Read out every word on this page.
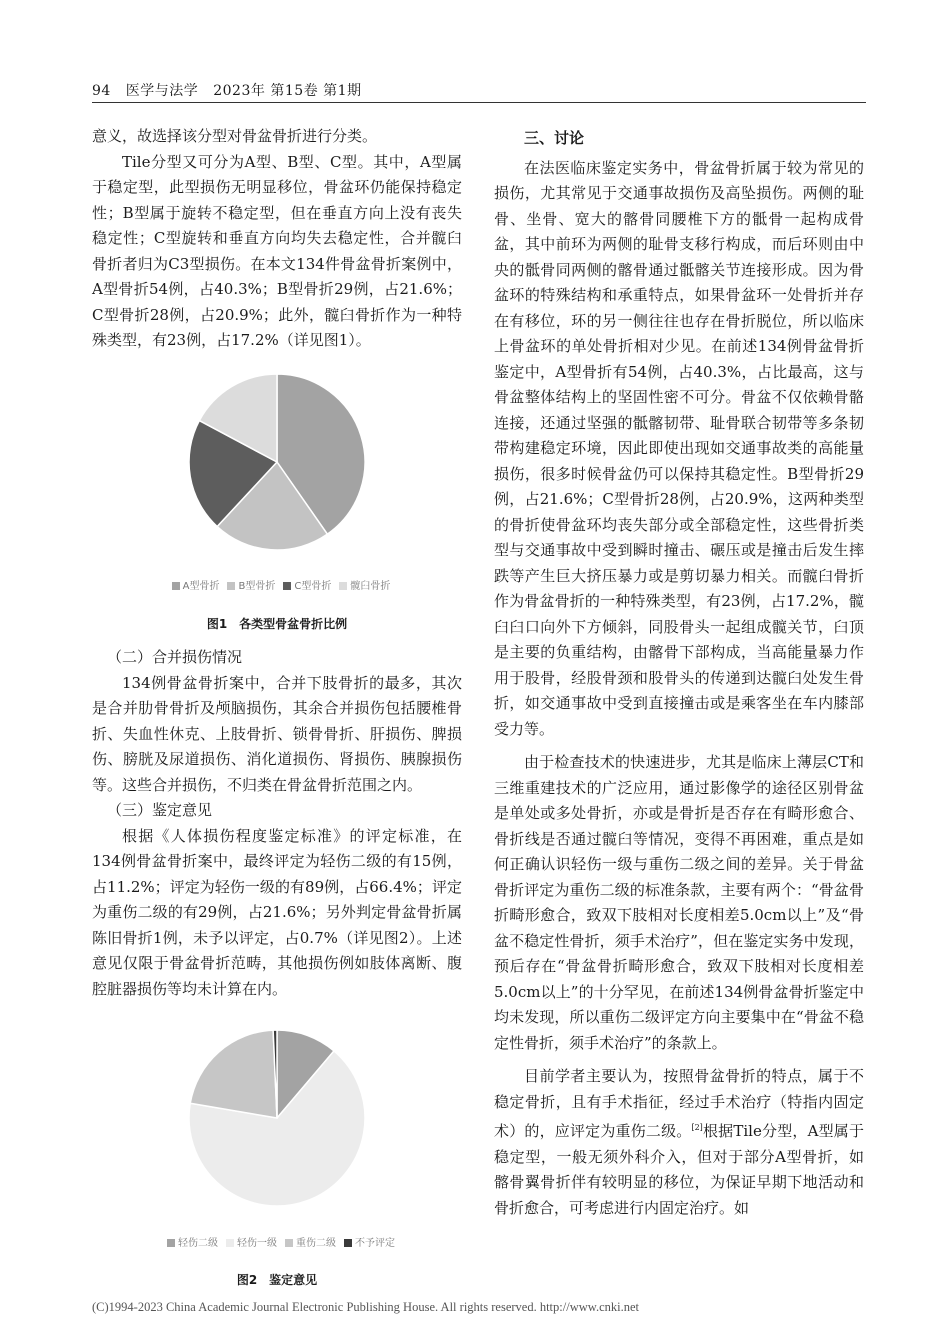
94 医学与法学 2023年 第15卷 第1期

意义，故选择该分型对骨盆骨折进行分类。

Tile分型又可分为A型、B型、C型。其中，A型属于稳定型，此型损伤无明显移位，骨盆环仍能保持稳定性；B型属于旋转不稳定型，但在垂直方向上没有丧失稳定性；C型旋转和垂直方向均失去稳定性，合并髋臼骨折者归为C3型损伤。在本文134件骨盆骨折案例中，A型骨折54例，占40.3%；B型骨折29例，占21.6%；C型骨折28例，占20.9%；此外，髋臼骨折作为一种特殊类型，有23例，占17.2%（详见图1）。

A型骨折 B型骨折 C型骨折 髋臼骨折
图1　各类型骨盆骨折比例

（二）合并损伤情况

134例骨盆骨折案中，合并下肢骨折的最多，其次是合并肋骨骨折及颅脑损伤，其余合并损伤包括腰椎骨折、失血性休克、上肢骨折、锁骨骨折、肝损伤、脾损伤、膀胱及尿道损伤、消化道损伤、肾损伤、胰腺损伤等。这些合并损伤，不归类在骨盆骨折范围之内。

（三）鉴定意见

根据《人体损伤程度鉴定标准》的评定标准，在134例骨盆骨折案中，最终评定为轻伤二级的有15例，占11.2%；评定为轻伤一级的有89例，占66.4%；评定为重伤二级的有29例，占21.6%；另外判定骨盆骨折属陈旧骨折1例，未予以评定，占0.7%（详见图2）。上述意见仅限于骨盆骨折范畴，其他损伤例如肢体离断、腹腔脏器损伤等均未计算在内。

轻伤二级 轻伤一级 重伤二级 不予评定
图2　鉴定意见

三、讨论

在法医临床鉴定实务中，骨盆骨折属于较为常见的损伤，尤其常见于交通事故损伤及高坠损伤。两侧的耻骨、坐骨、宽大的髂骨同腰椎下方的骶骨一起构成骨盆，其中前环为两侧的耻骨支移行构成，而后环则由中央的骶骨同两侧的髂骨通过骶髂关节连接形成。因为骨盆环的特殊结构和承重特点，如果骨盆环一处骨折并存在有移位，环的另一侧往往也存在骨折脱位，所以临床上骨盆环的单处骨折相对少见。在前述134例骨盆骨折鉴定中，A型骨折有54例，占40.3%，占比最高，这与骨盆整体结构上的坚固性密不可分。骨盆不仅依赖骨骼连接，还通过坚强的骶髂韧带、耻骨联合韧带等多条韧带构建稳定环境，因此即使出现如交通事故类的高能量损伤，很多时候骨盆仍可以保持其稳定性。B型骨折29例，占21.6%；C型骨折28例，占20.9%，这两种类型的骨折使骨盆环均丧失部分或全部稳定性，这些骨折类型与交通事故中受到瞬时撞击、碾压或是撞击后发生摔跌等产生巨大挤压暴力或是剪切暴力相关。而髋臼骨折作为骨盆骨折的一种特殊类型，有23例，占17.2%，髋臼臼口向外下方倾斜，同股骨头一起组成髋关节，臼顶是主要的负重结构，由髂骨下部构成，当高能量暴力作用于股骨，经股骨颈和股骨头的传递到达髋臼处发生骨折，如交通事故中受到直接撞击或是乘客坐在车内膝部受力等。

由于检查技术的快速进步，尤其是临床上薄层CT和三维重建技术的广泛应用，通过影像学的途径区别骨盆是单处或多处骨折，亦或是骨折是否存在有畸形愈合、骨折线是否通过髋臼等情况，变得不再困难，重点是如何正确认识轻伤一级与重伤二级之间的差异。关于骨盆骨折评定为重伤二级的标准条款，主要有两个：“骨盆骨折畸形愈合，致双下肢相对长度相差5.0cm以上”及“骨盆不稳定性骨折，须手术治疗”，但在鉴定实务中发现，预后存在“骨盆骨折畸形愈合，致双下肢相对长度相差5.0cm以上”的十分罕见，在前述134例骨盆骨折鉴定中均未发现，所以重伤二级评定方向主要集中在“骨盆不稳定性骨折，须手术治疗”的条款上。

目前学者主要认为，按照骨盆骨折的特点，属于不稳定骨折，且有手术指征，经过手术治疗（特指内固定术）的，应评定为重伤二级。[2]根据Tile分型，A型属于稳定型，一般无须外科介入，但对于部分A型骨折，如髂骨翼骨折伴有较明显的移位，为保证早期下地活动和骨折愈合，可考虑进行内固定治疗。如

(C)1994-2023 China Academic Journal Electronic Publishing House. All rights reserved. http://www.cnki.net
